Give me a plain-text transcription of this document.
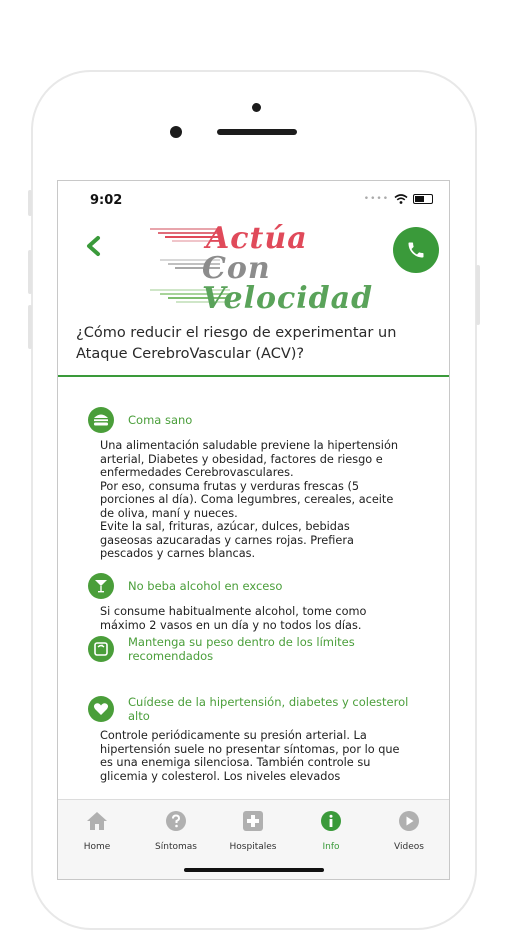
9:02	••••
Actúa
Con
Velocidad
¿Cómo reducir el riesgo de experimentar un Ataque CerebroVascular (ACV)?
Coma sano
Una alimentación saludable previene la hipertensión arterial, Diabetes y obesidad, factores de riesgo e enfermedades Cerebrovasculares.
Por eso, consuma frutas y verduras frescas (5 porciones al día). Coma legumbres, cereales, aceite de oliva, maní y nueces.
Evite la sal, frituras, azúcar, dulces, bebidas gaseosas azucaradas y carnes rojas. Prefiera pescados y carnes blancas.
No beba alcohol en exceso
Si consume habitualmente alcohol, tome como máximo 2 vasos en un día y no todos los días.
Mantenga su peso dentro de los límites recomendados
Cuídese de la hipertensión, diabetes y colesterol alto
Controle periódicamente su presión arterial. La hipertensión suele no presentar síntomas, por lo que es una enemiga silenciosa. También controle su glicemia y colesterol. Los niveles elevados
Home	Síntomas	Hospitales	Info	Videos
